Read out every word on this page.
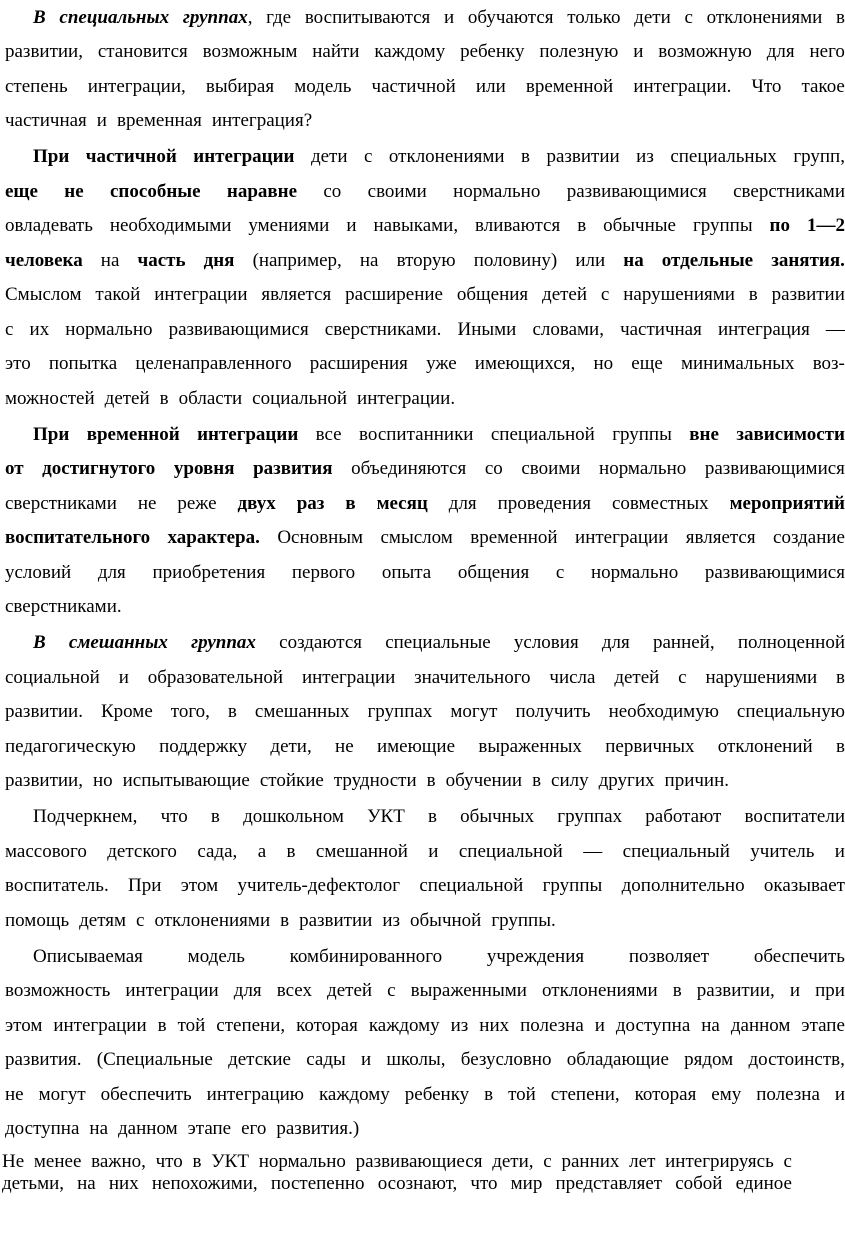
В специальных группах, где воспитываются и обучаются только дети с отклонениями в
развитии, становится возможным найти каждому ребенку полезную и возможную для него
степень интеграции, выбирая модель частичной или временной интеграции. Что такое
частичная и временная интеграция?
При частичной интеграции дети с отклонениями в развитии из специальных групп,
еще не способные наравне со своими нормально развивающимися сверстниками
овладевать необходимыми умениями и навыками, вливаются в обычные группы по 1—2
человека на часть дня (например, на вторую половину) или на отдельные занятия.
Смыслом такой интеграции является расширение общения детей с нарушениями в развитии
с их нормально развивающимися сверстниками. Иными словами, частичная интеграция —
это попытка целенаправленного расширения уже имеющихся, но еще минимальных воз-
можностей детей в области социальной интеграции.
При временной интеграции все воспитанники специальной группы вне зависимости
от достигнутого уровня развития объединяются со своими нормально развивающимися
сверстниками не реже двух раз в месяц для проведения совместных мероприятий
воспитательного характера. Основным смыслом временной интеграции является создание
условий для приобретения первого опыта общения с нормально развивающимися
сверстниками.
В смешанных группах создаются специальные условия для ранней, полноценной
социальной и образовательной интеграции значительного числа детей с нарушениями в
развитии. Кроме того, в смешанных группах могут получить необходимую специальную
педагогическую поддержку дети, не имеющие выраженных первичных отклонений в
развитии, но испытывающие стойкие трудности в обучении в силу других причин.
Подчеркнем, что в дошкольном УКТ в обычных группах работают воспитатели
массового детского сада, а в смешанной и специальной — специальный учитель и
воспитатель. При этом учитель-дефектолог специальной группы дополнительно оказывает
помощь детям с отклонениями в развитии из обычной группы.
Описываемая модель комбинированного учреждения позволяет обеспечить
возможность интеграции для всех детей с выраженными отклонениями в развитии, и при
этом интеграции в той степени, которая каждому из них полезна и доступна на данном этапе
развития. (Специальные детские сады и школы, безусловно обладающие рядом достоинств,
не могут обеспечить интеграцию каждому ребенку в той степени, которая ему полезна и
доступна на данном этапе его развития.)
Не менее важно, что в УКТ нормально развивающиеся дети, с ранних лет интегрируясь с
детьми, на них непохожими, постепенно осознают, что мир представляет собой единое
